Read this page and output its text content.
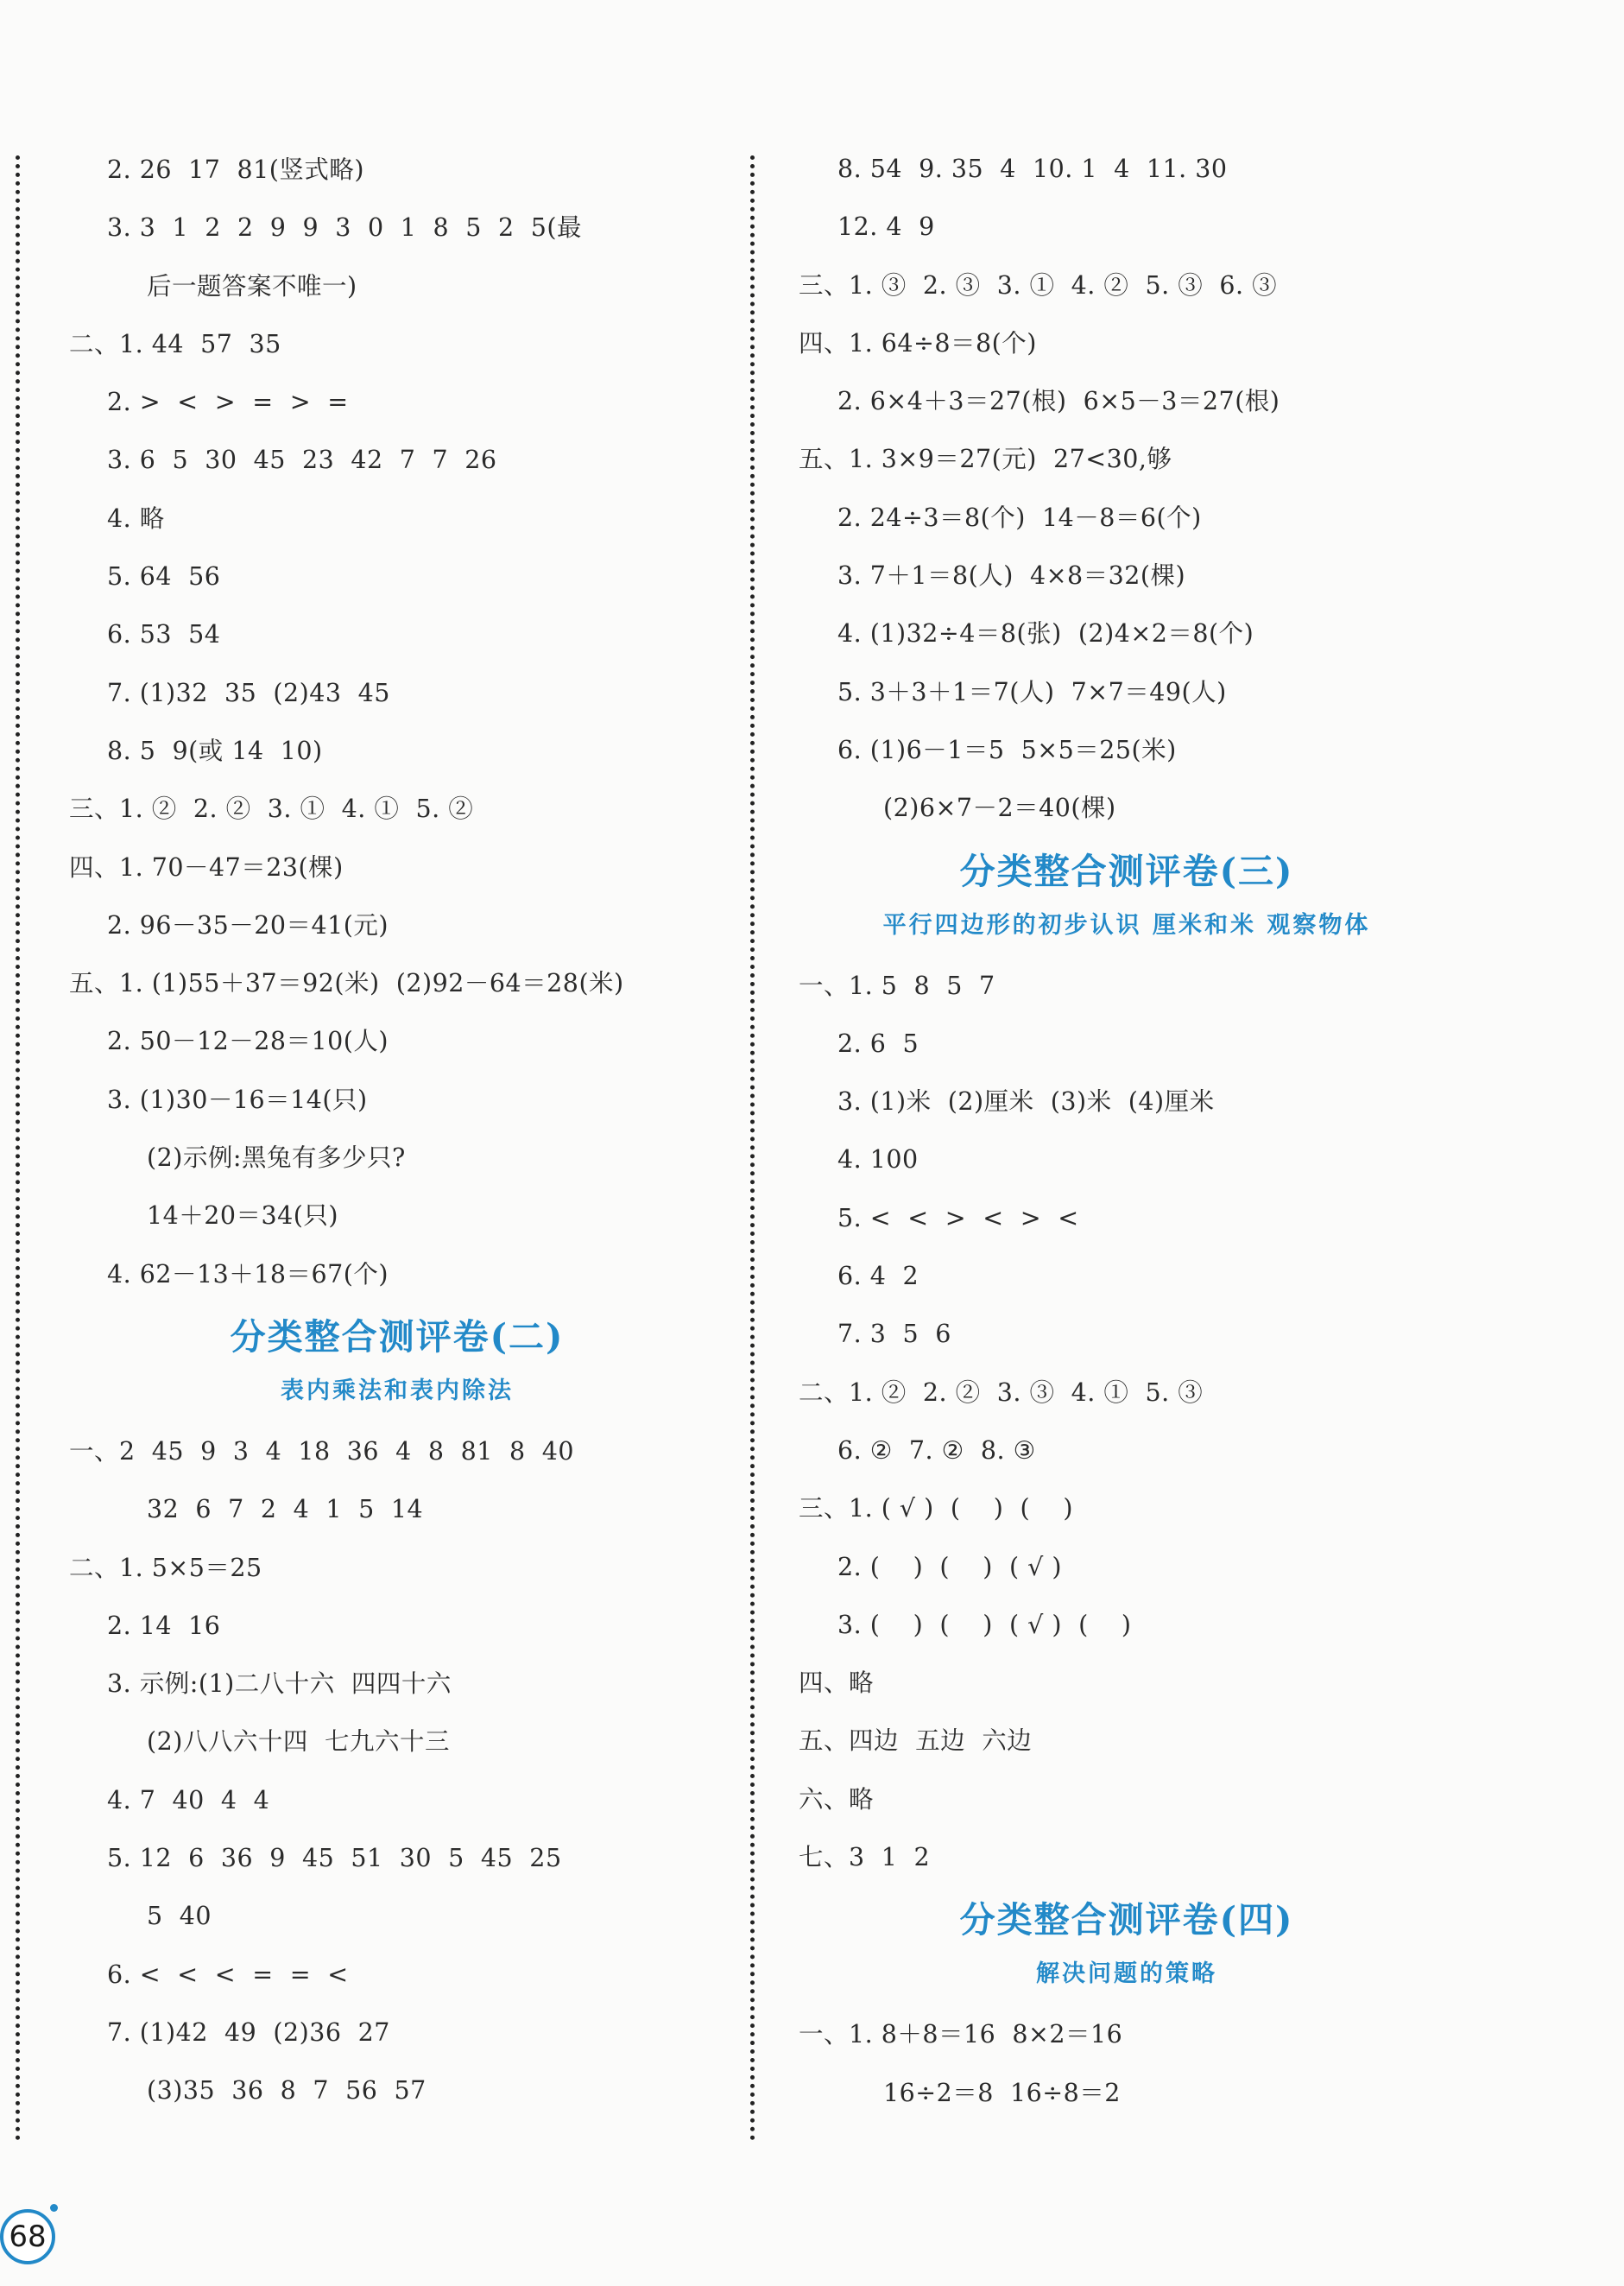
2. 26  17  81(竖式略)
3. 3  1  2  2  9  9  3  0  1  8  5  2  5(最
后一题答案不唯一)
二、1. 44  57  35
2. >  <  >  =  >  =
3. 6  5  30  45  23  42  7  7  26
4. 略
5. 64  56
6. 53  54
7. (1)32  35  (2)43  45
8. 5  9(或 14  10)
三、1. ②  2. ②  3. ①  4. ①  5. ②
四、1. 70－47＝23(棵)
2. 96－35－20＝41(元)
五、1. (1)55＋37＝92(米)  (2)92－64＝28(米)
2. 50－12－28＝10(人)
3. (1)30－16＝14(只)
(2)示例:黑兔有多少只?
14＋20＝34(只)
4. 62－13＋18＝67(个)
分类整合测评卷(二)
表内乘法和表内除法
一、2  45  9  3  4  18  36  4  8  81  8  40
32  6  7  2  4  1  5  14
二、1. 5×5＝25
2. 14  16
3. 示例:(1)二八十六  四四十六
(2)八八六十四  七九六十三
4. 7  40  4  4
5. 12  6  36  9  45  51  30  5  45  25
5  40
6. <  <  <  =  =  <
7. (1)42  49  (2)36  27
(3)35  36  8  7  56  57
8. 54  9. 35  4  10. 1  4  11. 30
12. 4  9
三、1. ③  2. ③  3. ①  4. ②  5. ③  6. ③
四、1. 64÷8＝8(个)
2. 6×4＋3＝27(根)  6×5－3＝27(根)
五、1. 3×9＝27(元)  27<30,够
2. 24÷3＝8(个)  14－8＝6(个)
3. 7＋1＝8(人)  4×8＝32(棵)
4. (1)32÷4＝8(张)  (2)4×2＝8(个)
5. 3＋3＋1＝7(人)  7×7＝49(人)
6. (1)6－1＝5  5×5＝25(米)
(2)6×7－2＝40(棵)
分类整合测评卷(三)
平行四边形的初步认识 厘米和米 观察物体
一、1. 5  8  5  7
2. 6  5
3. (1)米  (2)厘米  (3)米  (4)厘米
4. 100
5. <  <  >  <  >  <
6. 4  2
7. 3  5  6
二、1. ②  2. ②  3. ③  4. ①  5. ③
6. ②  7. ②  8. ③
三、1. ( √ )  (    )  (    )
2. (    )  (    )  ( √ )
3. (    )  (    )  ( √ )  (    )
四、略
五、四边  五边  六边
六、略
七、3  1  2
分类整合测评卷(四)
解决问题的策略
一、1. 8＋8＝16  8×2＝16
16÷2＝8  16÷8＝2
68
